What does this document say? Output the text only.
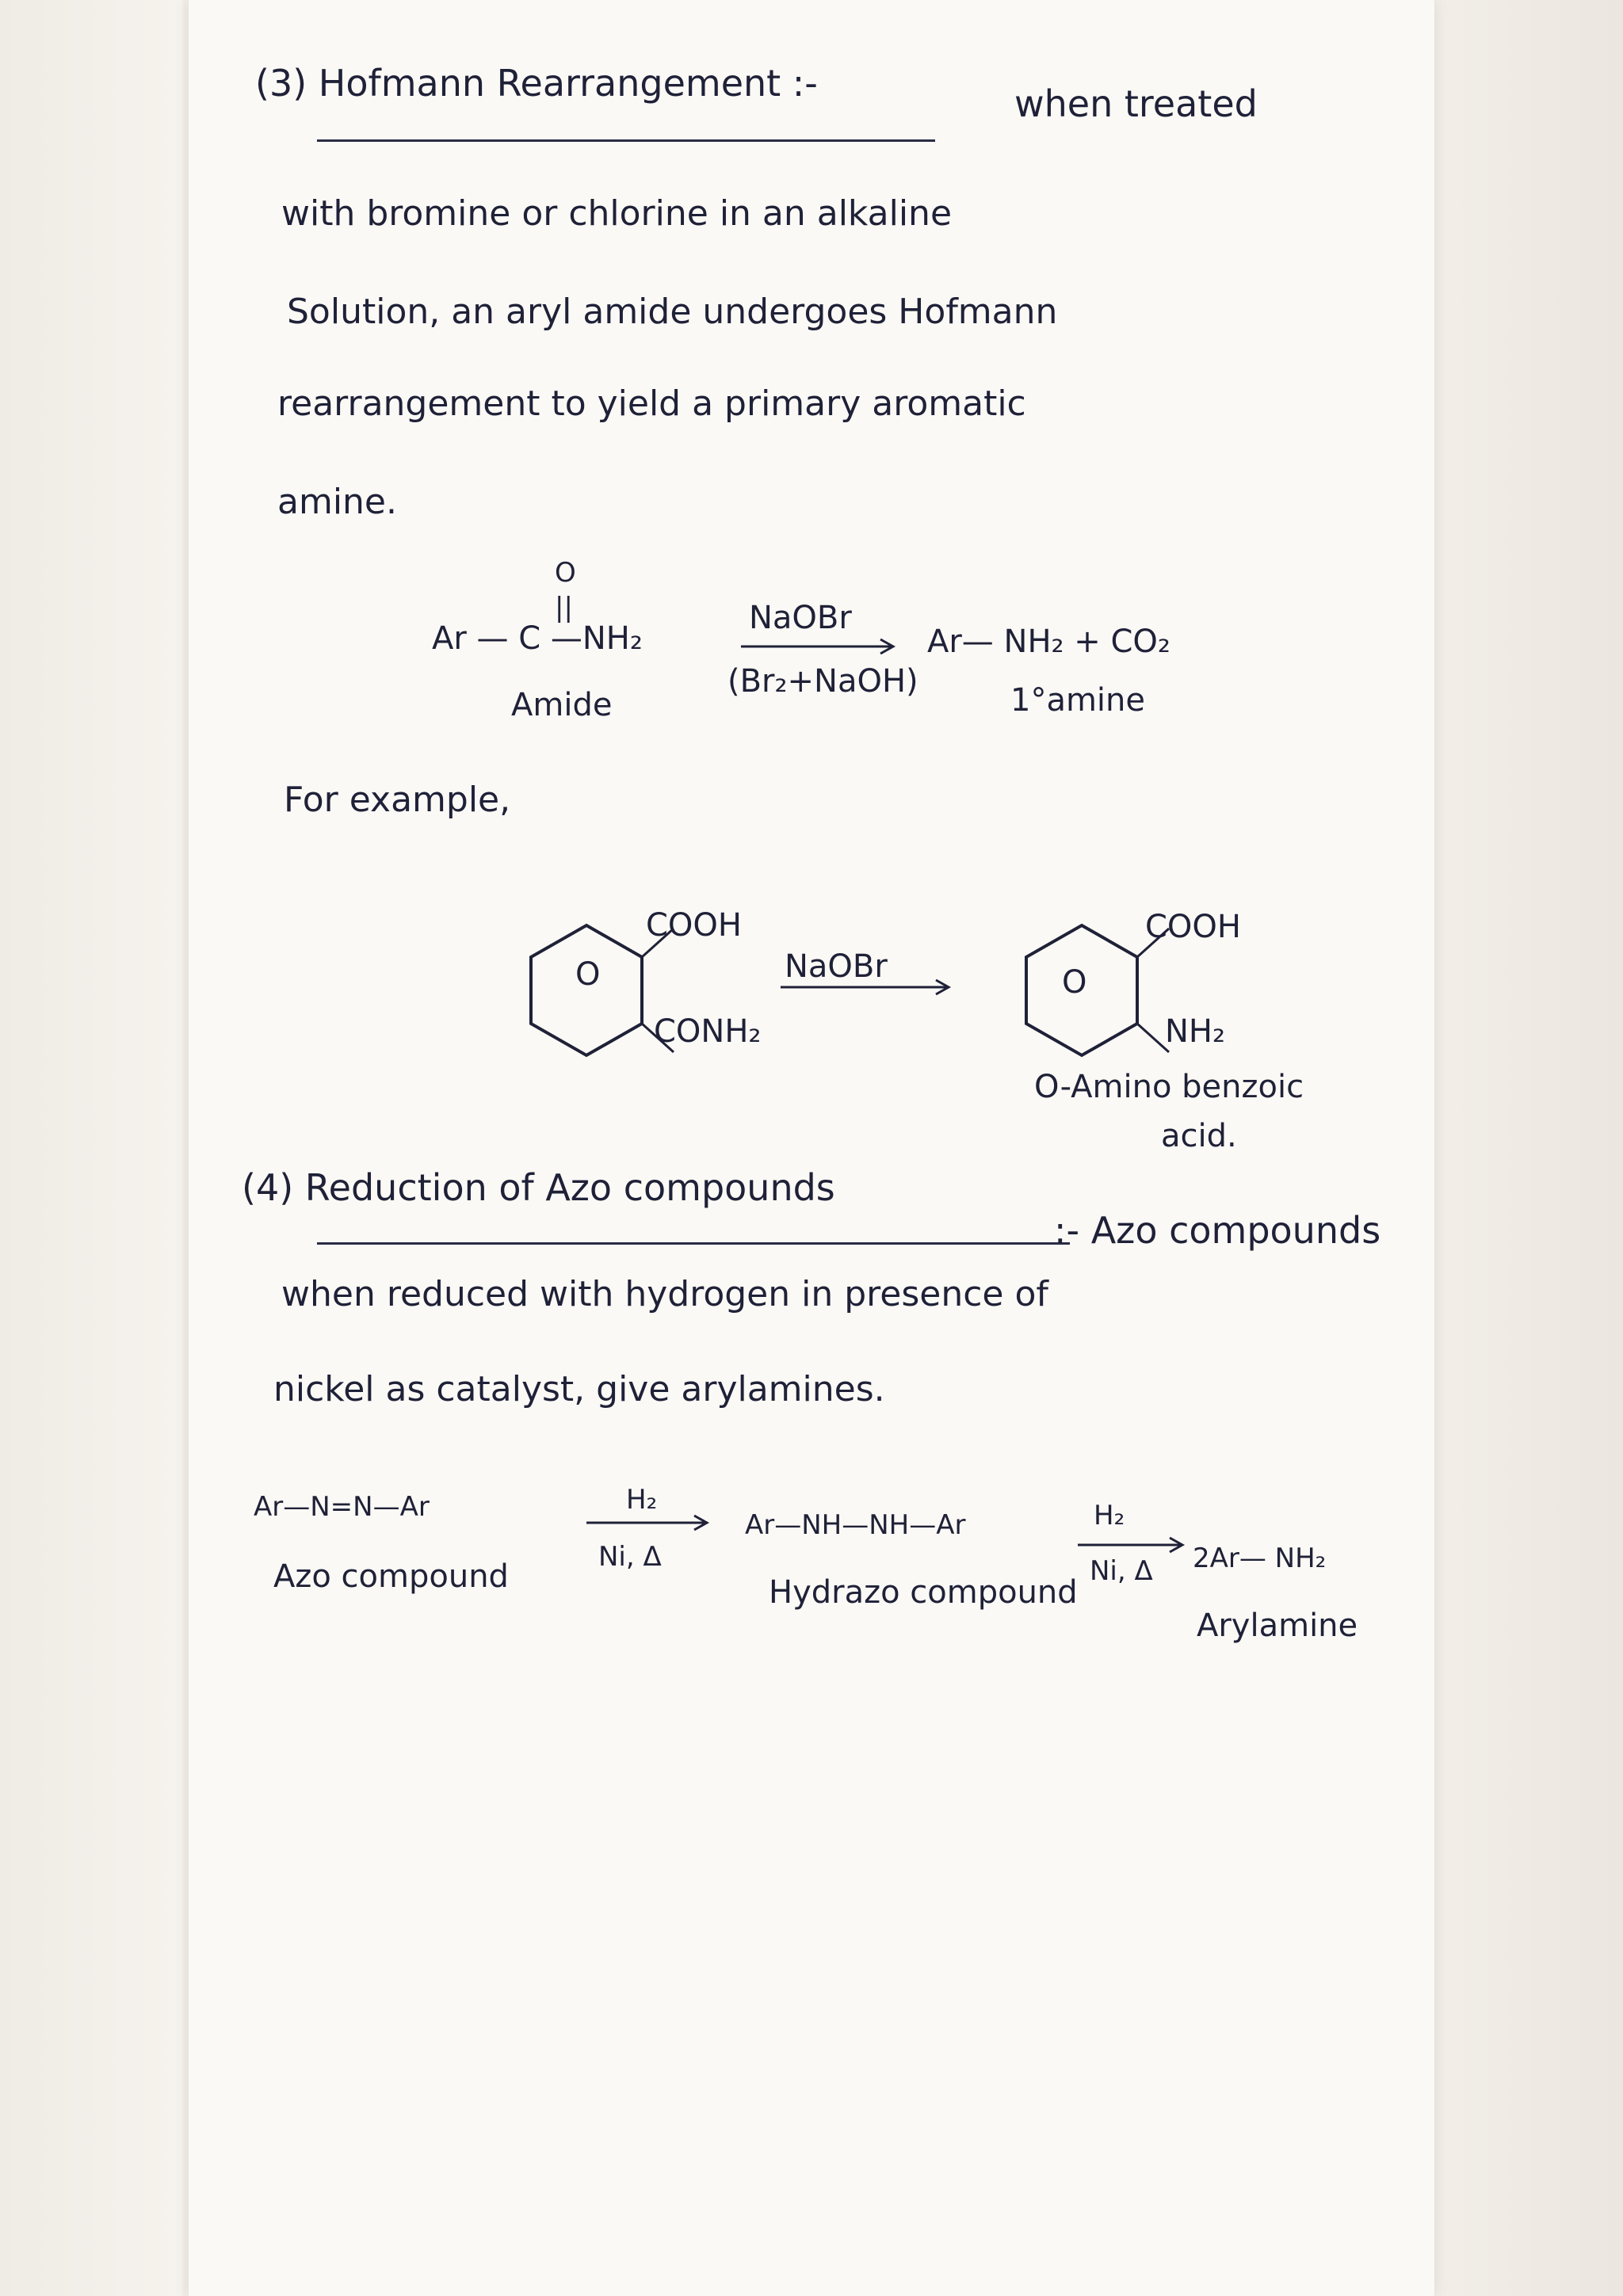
(3) Hofmann Rearrangement :-	when treated
with bromine or chlorine in an alkaline
Solution, an aryl amide undergoes Hofmann
rearrangement to yield a primary aromatic
amine.
O
||
Ar — C —NH₂
NaOBr
(Br₂+NaOH)
Ar— NH₂ + CO₂
Amide	1°amine
For example,
O
COOH
CONH₂
NaOBr	O
COOH
NH₂
O-Amino benzoic
acid.
(4) Reduction of Azo compounds
:- Azo compounds
when reduced with hydrogen in presence of
nickel as catalyst, give arylamines.
Ar—N=N—Ar	H₂
Ni, Δ
Ar—NH—NH—Ar	H₂
Ni, Δ 2Ar— NH₂
Azo compound	Hydrazo compound
Arylamine
